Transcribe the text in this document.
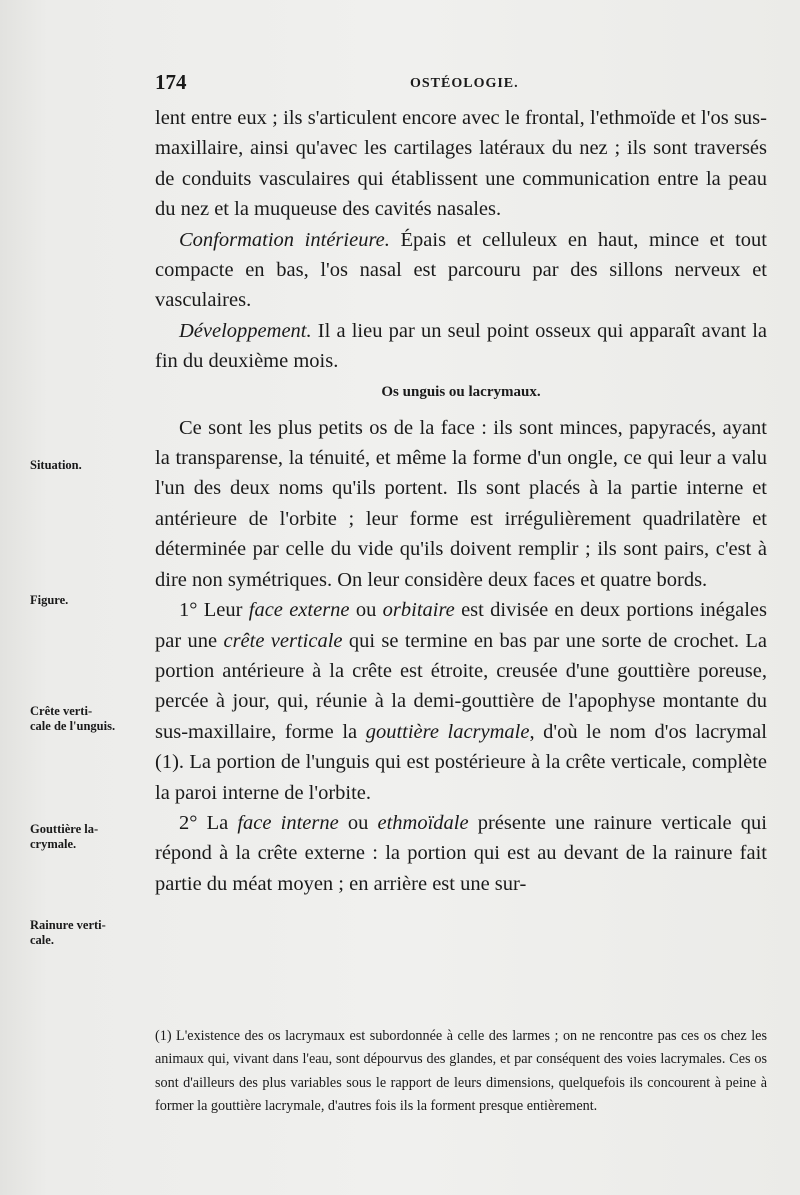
174	OSTÉOLOGIE.
Situation.
Figure.
Crête verti-
cale de l'unguis.
Gouttière la-
crymale.
Rainure verti-
cale.

lent entre eux ; ils s'articulent encore avec le frontal, l'ethmoïde et l'os sus-maxillaire, ainsi qu'avec les cartilages latéraux du nez ; ils sont traversés de conduits vasculaires qui établissent une communication entre la peau du nez et la muqueuse des cavités nasales.

Conformation intérieure. Épais et celluleux en haut, mince et tout compacte en bas, l'os nasal est parcouru par des sillons nerveux et vasculaires.

Développement. Il a lieu par un seul point osseux qui apparaît avant la fin du deuxième mois.

Os unguis ou lacrymaux.

Ce sont les plus petits os de la face : ils sont minces, papyracés, ayant la transparense, la ténuité, et même la forme d'un ongle, ce qui leur a valu l'un des deux noms qu'ils portent. Ils sont placés à la partie interne et antérieure de l'orbite ; leur forme est irrégulièrement quadrilatère et déterminée par celle du vide qu'ils doivent remplir ; ils sont pairs, c'est à dire non symétriques. On leur considère deux faces et quatre bords.

1° Leur face externe ou orbitaire est divisée en deux portions inégales par une crête verticale qui se termine en bas par une sorte de crochet. La portion antérieure à la crête est étroite, creusée d'une gouttière poreuse, percée à jour, qui, réunie à la demi-gouttière de l'apophyse montante du sus-maxillaire, forme la gouttière lacrymale, d'où le nom d'os lacrymal (1). La portion de l'unguis qui est postérieure à la crête verticale, complète la paroi interne de l'orbite.

2° La face interne ou ethmoïdale présente une rainure verticale qui répond à la crête externe : la portion qui est au devant de la rainure fait partie du méat moyen ; en arrière est une sur-

(1) L'existence des os lacrymaux est subordonnée à celle des larmes ; on ne rencontre pas ces os chez les animaux qui, vivant dans l'eau, sont dépourvus des glandes, et par conséquent des voies lacrymales. Ces os sont d'ailleurs des plus variables sous le rapport de leurs dimensions, quelquefois ils concourent à peine à former la gouttière lacrymale, d'autres fois ils la forment presque entièrement.
